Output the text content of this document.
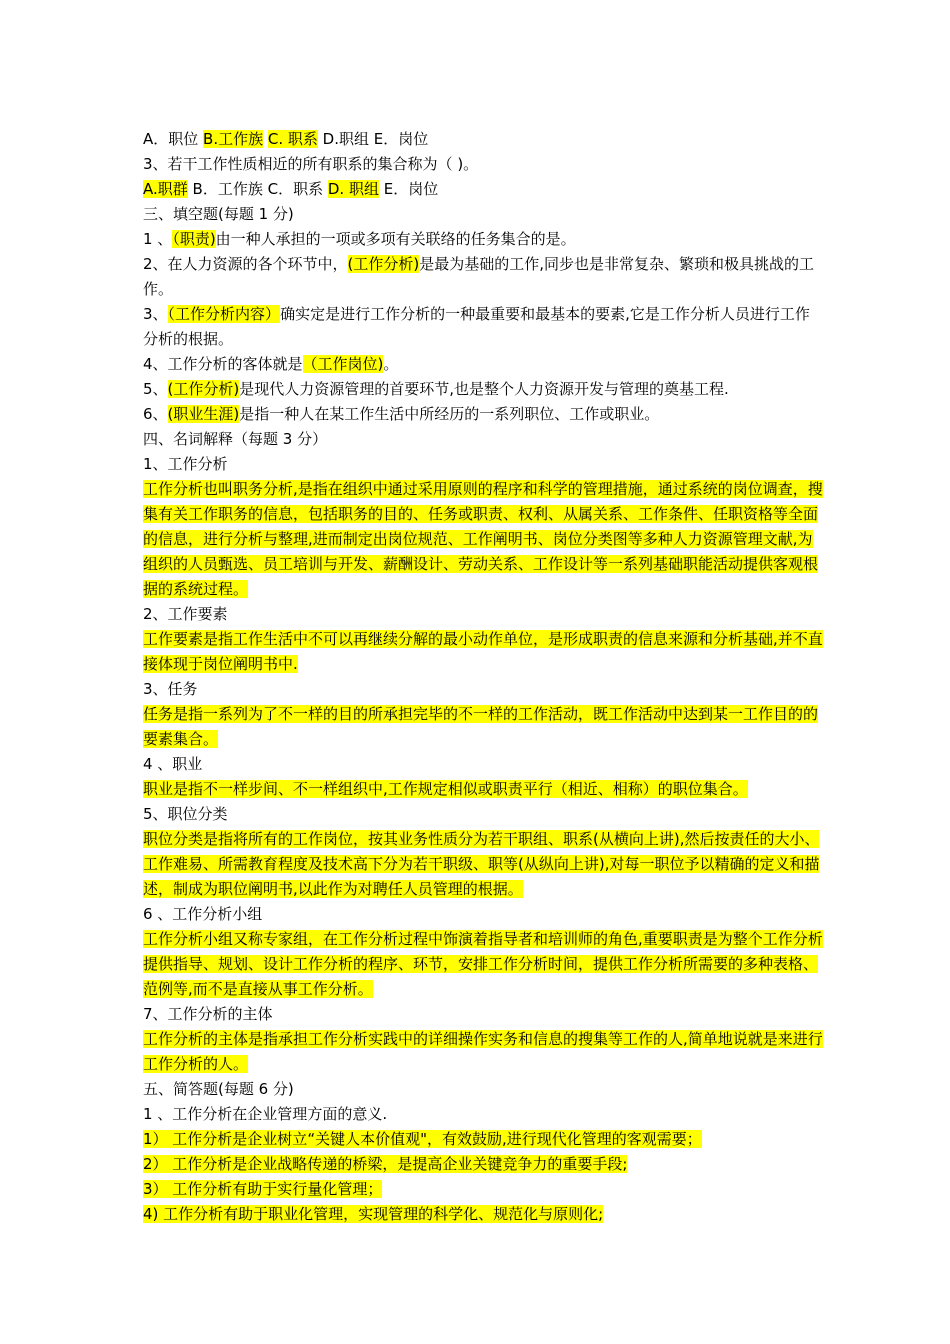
A．职位 B.工作族 C. 职系 D.职组 E．岗位
3、若干工作性质相近的所有职系的集合称为（ )。
A.职群 B．工作族 C．职系 D. 职组 E．岗位
三、填空题(每题 1 分)
1 、（职责)由一种人承担的一项或多项有关联络的任务集合的是。
2、在人力资源的各个环节中，(工作分析)是最为基础的工作,同步也是非常复杂、繁琐和极具挑战的工作。
3、（工作分析内容）确实定是进行工作分析的一种最重要和最基本的要素,它是工作分析人员进行工作分析的根据。
4、工作分析的客体就是（工作岗位)。
5、(工作分析)是现代人力资源管理的首要环节,也是整个人力资源开发与管理的奠基工程.
6、(职业生涯)是指一种人在某工作生活中所经历的一系列职位、工作或职业。
四、名词解释（每题 3 分）
1、工作分析
工作分析也叫职务分析,是指在组织中通过采用原则的程序和科学的管理措施，通过系统的岗位调查，搜集有关工作职务的信息，包括职务的目的、任务或职责、权利、从属关系、工作条件、任职资格等全面的信息，进行分析与整理,进而制定出岗位规范、工作阐明书、岗位分类图等多种人力资源管理文献,为组织的人员甄选、员工培训与开发、薪酬设计、劳动关系、工作设计等一系列基础职能活动提供客观根据的系统过程。
2、工作要素
工作要素是指工作生活中不可以再继续分解的最小动作单位，是形成职责的信息来源和分析基础,并不直接体现于岗位阐明书中.
3、任务
任务是指一系列为了不一样的目的所承担完毕的不一样的工作活动，既工作活动中达到某一工作目的的要素集合。
4 、职业
职业是指不一样步间、不一样组织中,工作规定相似或职责平行（相近、相称）的职位集合。
5、职位分类
职位分类是指将所有的工作岗位，按其业务性质分为若干职组、职系(从横向上讲),然后按责任的大小、工作难易、所需教育程度及技术高下分为若干职级、职等(从纵向上讲),对每一职位予以精确的定义和描述，制成为职位阐明书,以此作为对聘任人员管理的根据。
6 、工作分析小组
工作分析小组又称专家组，在工作分析过程中饰演着指导者和培训师的角色,重要职责是为整个工作分析提供指导、规划、设计工作分析的程序、环节，安排工作分析时间，提供工作分析所需要的多种表格、范例等,而不是直接从事工作分析。
7、工作分析的主体
工作分析的主体是指承担工作分析实践中的详细操作实务和信息的搜集等工作的人,简单地说就是来进行工作分析的人。
五、简答题(每题 6 分)
1 、工作分析在企业管理方面的意义.
1） 工作分析是企业树立“关键人本价值观"，有效鼓励,进行现代化管理的客观需要；
2） 工作分析是企业战略传递的桥梁，是提高企业关键竞争力的重要手段;
3） 工作分析有助于实行量化管理；
4) 工作分析有助于职业化管理，实现管理的科学化、规范化与原则化;
